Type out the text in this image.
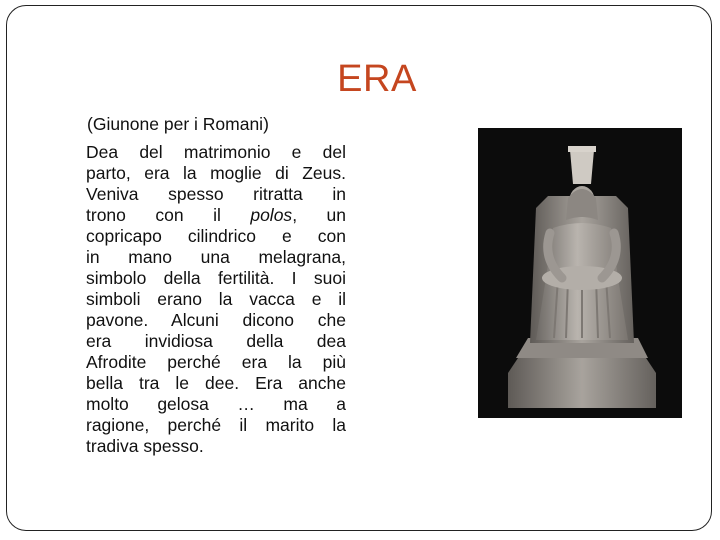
ERA
(Giunone per i Romani)
Dea del matrimonio e del
parto, era la moglie di Zeus.
Veniva spesso ritratta in
trono con il polos, un
copricapo cilindrico e con
in mano una melagrana,
simbolo della fertilità. I suoi
simboli erano la vacca e il
pavone. Alcuni dicono che
era invidiosa della dea
Afrodite perché era la più
bella tra le dee. Era anche
molto gelosa … ma a
ragione, perché il marito la
tradiva spesso.
